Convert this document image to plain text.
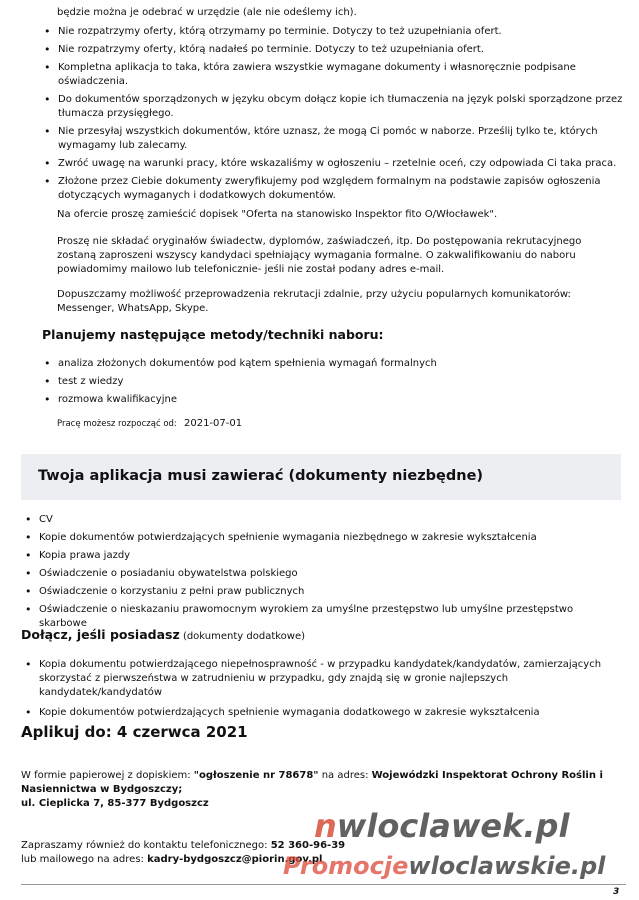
będzie można je odebrać w urzędzie (ale nie odeślemy ich).
• Nie rozpatrzymy oferty, którą otrzymamy po terminie. Dotyczy to też uzupełniania ofert.
• Nie rozpatrzymy oferty, którą nadałeś po terminie. Dotyczy to też uzupełniania ofert.
• Kompletna aplikacja to taka, która zawiera wszystkie wymagane dokumenty i własnoręcznie podpisane oświadczenia.
• Do dokumentów sporządzonych w języku obcym dołącz kopie ich tłumaczenia na język polski sporządzone przez tłumacza przysięgłego.
• Nie przesyłaj wszystkich dokumentów, które uznasz, że mogą Ci pomóc w naborze. Prześlij tylko te, których wymagamy lub zalecamy.
• Zwróć uwagę na warunki pracy, które wskazaliśmy w ogłoszeniu – rzetelnie oceń, czy odpowiada Ci taka praca.
• Złożone przez Ciebie dokumenty zweryfikujemy pod względem formalnym na podstawie zapisów ogłoszenia dotyczących wymaganych i dodatkowych dokumentów.
Na ofercie proszę zamieścić dopisek "Oferta na stanowisko Inspektor fito O/Włocławek".
Proszę nie składać oryginałów świadectw, dyplomów, zaświadczeń, itp. Do postępowania rekrutacyjnego zostaną zaproszeni wszyscy kandydaci spełniający wymagania formalne. O zakwalifikowaniu do naboru powiadomimy mailowo lub telefonicznie- jeśli nie został podany adres e-mail.
Dopuszczamy możliwość przeprowadzenia rekrutacji zdalnie, przy użyciu popularnych komunikatorów: Messenger, WhatsApp, Skype.
Planujemy następujące metody/techniki naboru:
• analiza złożonych dokumentów pod kątem spełnienia wymagań formalnych
• test z wiedzy
• rozmowa kwalifikacyjne
Pracę możesz rozpocząć od: 2021-07-01
Twoja aplikacja musi zawierać (dokumenty niezbędne)
• CV
• Kopie dokumentów potwierdzających spełnienie wymagania niezbędnego w zakresie wykształcenia
• Kopia prawa jazdy
• Oświadczenie o posiadaniu obywatelstwa polskiego
• Oświadczenie o korzystaniu z pełni praw publicznych
• Oświadczenie o nieskazaniu prawomocnym wyrokiem za umyślne przestępstwo lub umyślne przestępstwo skarbowe
Dołącz, jeśli posiadasz (dokumenty dodatkowe)
• Kopia dokumentu potwierdzającego niepełnosprawność - w przypadku kandydatek/kandydatów, zamierzających skorzystać z pierwszeństwa w zatrudnieniu w przypadku, gdy znajdą się w gronie najlepszych kandydatek/kandydatów
• Kopie dokumentów potwierdzających spełnienie wymagania dodatkowego w zakresie wykształcenia
Aplikuj do: 4 czerwca 2021
W formie papierowej z dopiskiem: "ogłoszenie nr 78678" na adres: Wojewódzki Inspektorat Ochrony Roślin i Nasiennictwa w Bydgoszczy;
ul. Cieplicka 7, 85-377 Bydgoszcz
Zapraszamy również do kontaktu telefonicznego: 52 360-96-39
lub mailowego na adres: kadry-bydgoszcz@piorin.gov.pl
nwloclawek.pl
Promocjewloclawskie.pl
3
